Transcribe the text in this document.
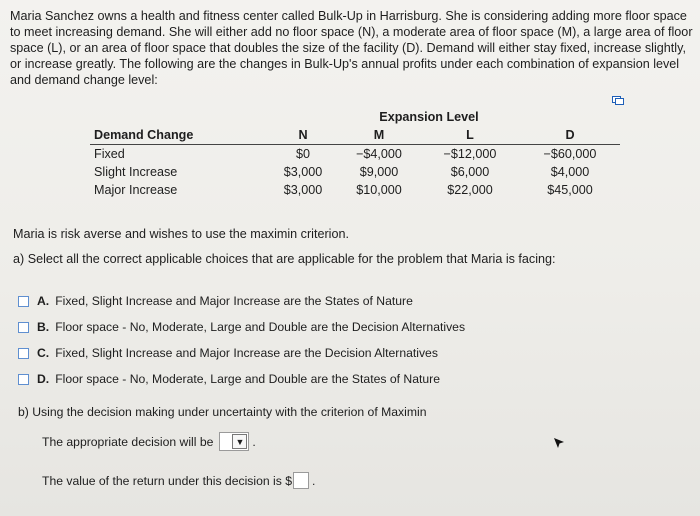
Maria Sanchez owns a health and fitness center called Bulk-Up in Harrisburg. She is considering adding more floor space to meet increasing demand. She will either add no floor space (N), a moderate area of floor space (M), a large area of floor space (L), or an area of floor space that doubles the size of the facility (D). Demand will either stay fixed, increase slightly, or increase greatly. The following are the changes in Bulk-Up's annual profits under each combination of expansion level and demand change level:
		Expansion Level		
Demand Change	N	M	L	D
Fixed	$0	−$4,000	−$12,000	−$60,000
Slight Increase	$3,000	$9,000	$6,000	$4,000
Major Increase	$3,000	$10,000	$22,000	$45,000
Maria is risk averse and wishes to use the maximin criterion.
a) Select all the correct applicable choices that are applicable for the problem that Maria is facing:
A. Fixed, Slight Increase and Major Increase are the States of Nature
B. Floor space - No, Moderate, Large and Double are the Decision Alternatives
C. Fixed, Slight Increase and Major Increase are the Decision Alternatives
D. Floor space - No, Moderate, Large and Double are the States of Nature
b) Using the decision making under uncertainty with the criterion of Maximin
The appropriate decision will be	▼ .
The value of the return under this decision is $ .
